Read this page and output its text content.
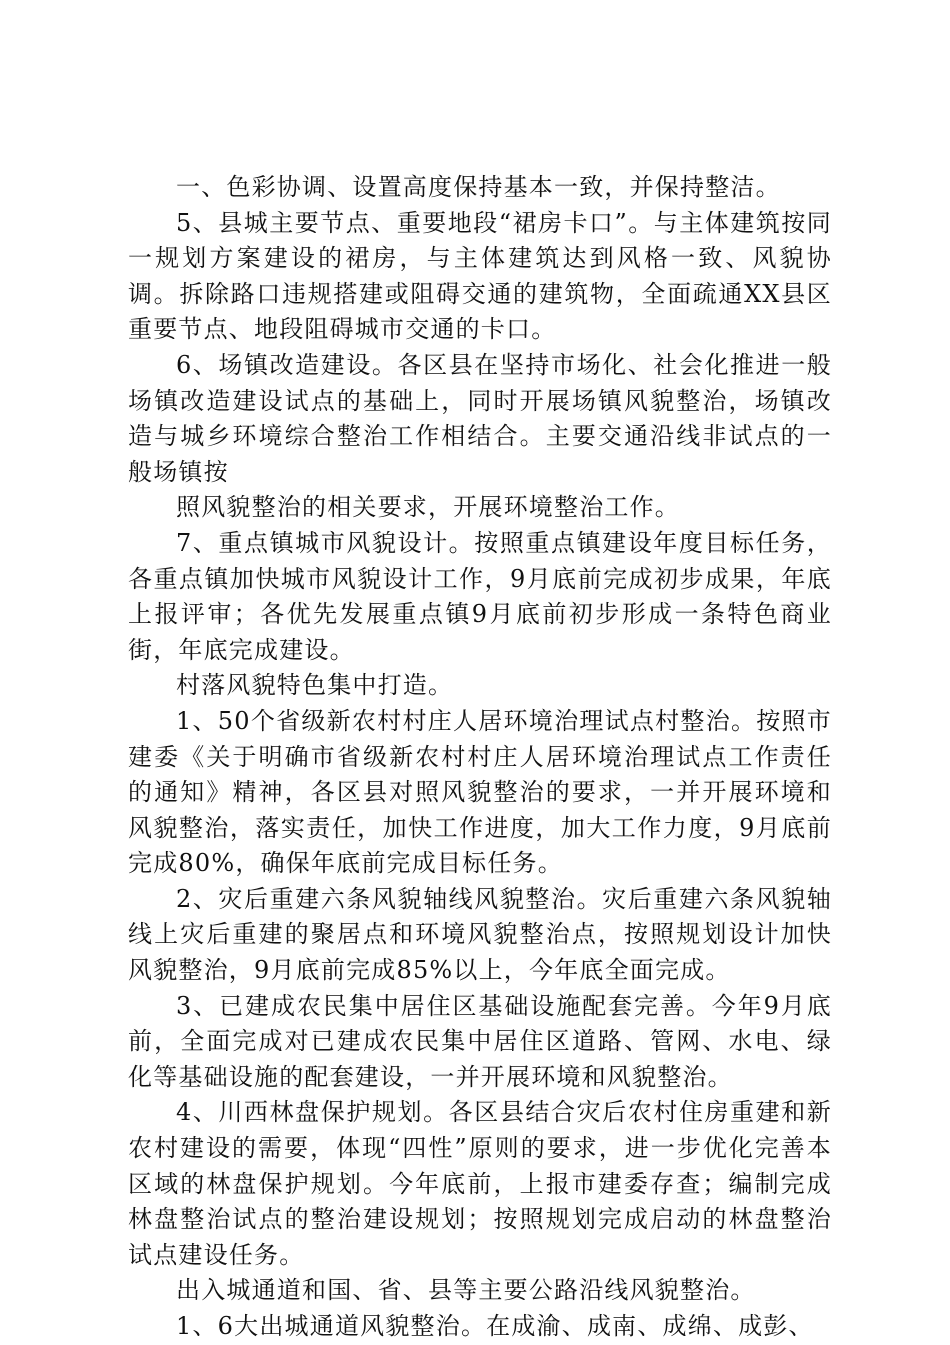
一、色彩协调、设置高度保持基本一致，并保持整洁。

5、县城主要节点、重要地段“裙房卡口”。与主体建筑按同一规划方案建设的裙房，与主体建筑达到风格一致、风貌协调。拆除路口违规搭建或阻碍交通的建筑物，全面疏通XX县区重要节点、地段阻碍城市交通的卡口。

6、场镇改造建设。各区县在坚持市场化、社会化推进一般场镇改造建设试点的基础上，同时开展场镇风貌整治，场镇改造与城乡环境综合整治工作相结合。主要交通沿线非试点的一般场镇按

照风貌整治的相关要求，开展环境整治工作。

7、重点镇城市风貌设计。按照重点镇建设年度目标任务，各重点镇加快城市风貌设计工作，9月底前完成初步成果，年底上报评审；各优先发展重点镇9月底前初步形成一条特色商业街，年底完成建设。

村落风貌特色集中打造。

1、50个省级新农村村庄人居环境治理试点村整治。按照市建委《关于明确市省级新农村村庄人居环境治理试点工作责任的通知》精神，各区县对照风貌整治的要求，一并开展环境和风貌整治，落实责任，加快工作进度，加大工作力度，9月底前完成80%，确保年底前完成目标任务。

2、灾后重建六条风貌轴线风貌整治。灾后重建六条风貌轴线上灾后重建的聚居点和环境风貌整治点，按照规划设计加快风貌整治，9月底前完成85%以上，今年底全面完成。

3、已建成农民集中居住区基础设施配套完善。今年9月底前，全面完成对已建成农民集中居住区道路、管网、水电、绿化等基础设施的配套建设，一并开展环境和风貌整治。

4、川西林盘保护规划。各区县结合灾后农村住房重建和新农村建设的需要，体现“四性”原则的要求，进一步优化完善本区域的林盘保护规划。今年底前，上报市建委存查；编制完成林盘整治试点的整治建设规划；按照规划完成启动的林盘整治试点建设任务。

出入城通道和国、省、县等主要公路沿线风貌整治。

1、6大出城通道风貌整治。在成渝、成南、成绵、成彭、
